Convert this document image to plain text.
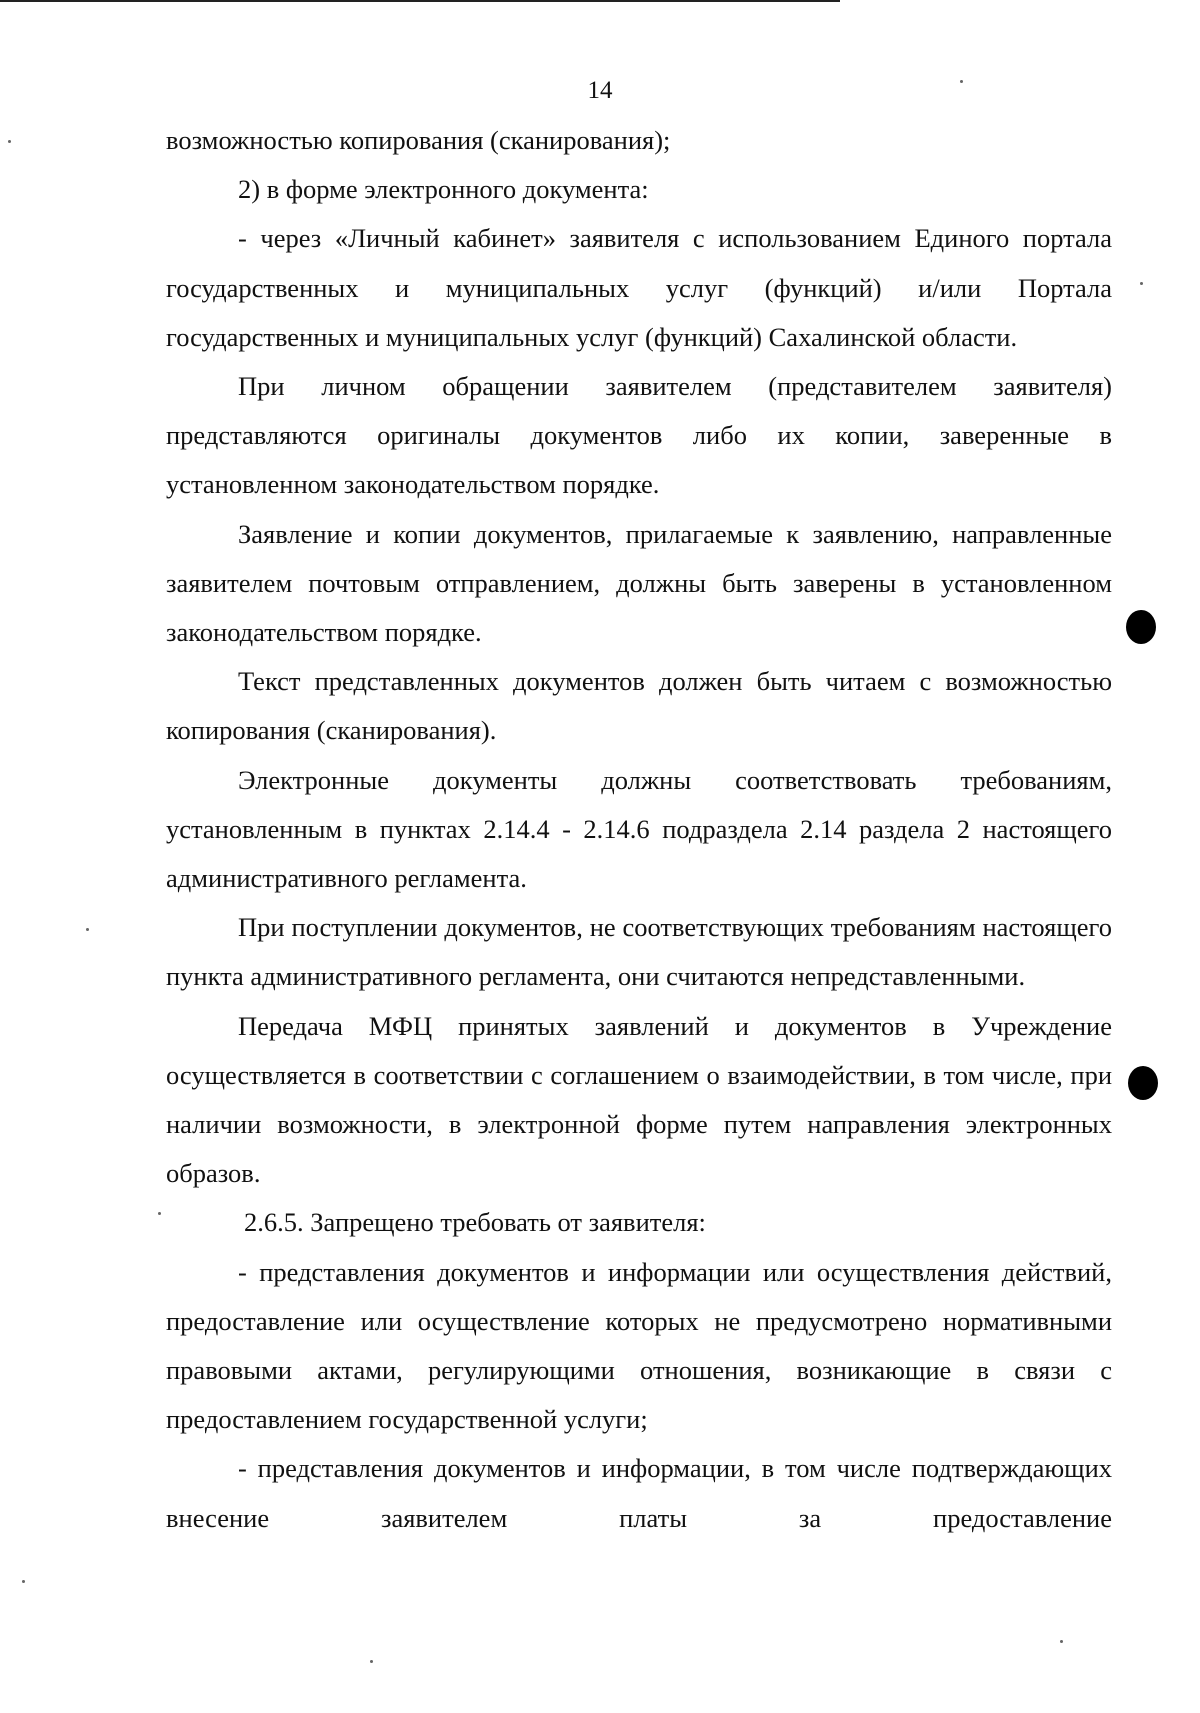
14

возможностью копирования (сканирования);

2) в форме электронного документа:

- через «Личный кабинет» заявителя с использованием Единого портала государственных и муниципальных услуг (функций) и/или Портала государственных и муниципальных услуг (функций) Сахалинской области.

При личном обращении заявителем (представителем заявителя) представляются оригиналы документов либо их копии, заверенные в установленном законодательством порядке.

Заявление и копии документов, прилагаемые к заявлению, направленные заявителем почтовым отправлением, должны быть заверены в установленном законодательством порядке.

Текст представленных документов должен быть читаем с возможностью копирования (сканирования).

Электронные документы должны соответствовать требованиям, установленным в пунктах 2.14.4 - 2.14.6 подраздела 2.14 раздела 2 настоящего административного регламента.

При поступлении документов, не соответствующих требованиям настоящего пункта административного регламента, они считаются непредставленными.

Передача МФЦ принятых заявлений и документов в Учреждение осуществляется в соответствии с соглашением о взаимодействии, в том числе, при наличии возможности, в электронной форме путем направления электронных образов.

2.6.5. Запрещено требовать от заявителя:

- представления документов и информации или осуществления действий, предоставление или осуществление которых не предусмотрено нормативными правовыми актами, регулирующими отношения, возникающие в связи с предоставлением государственной услуги;

- представления документов и информации, в том числе подтверждающих внесение заявителем платы за предоставление
